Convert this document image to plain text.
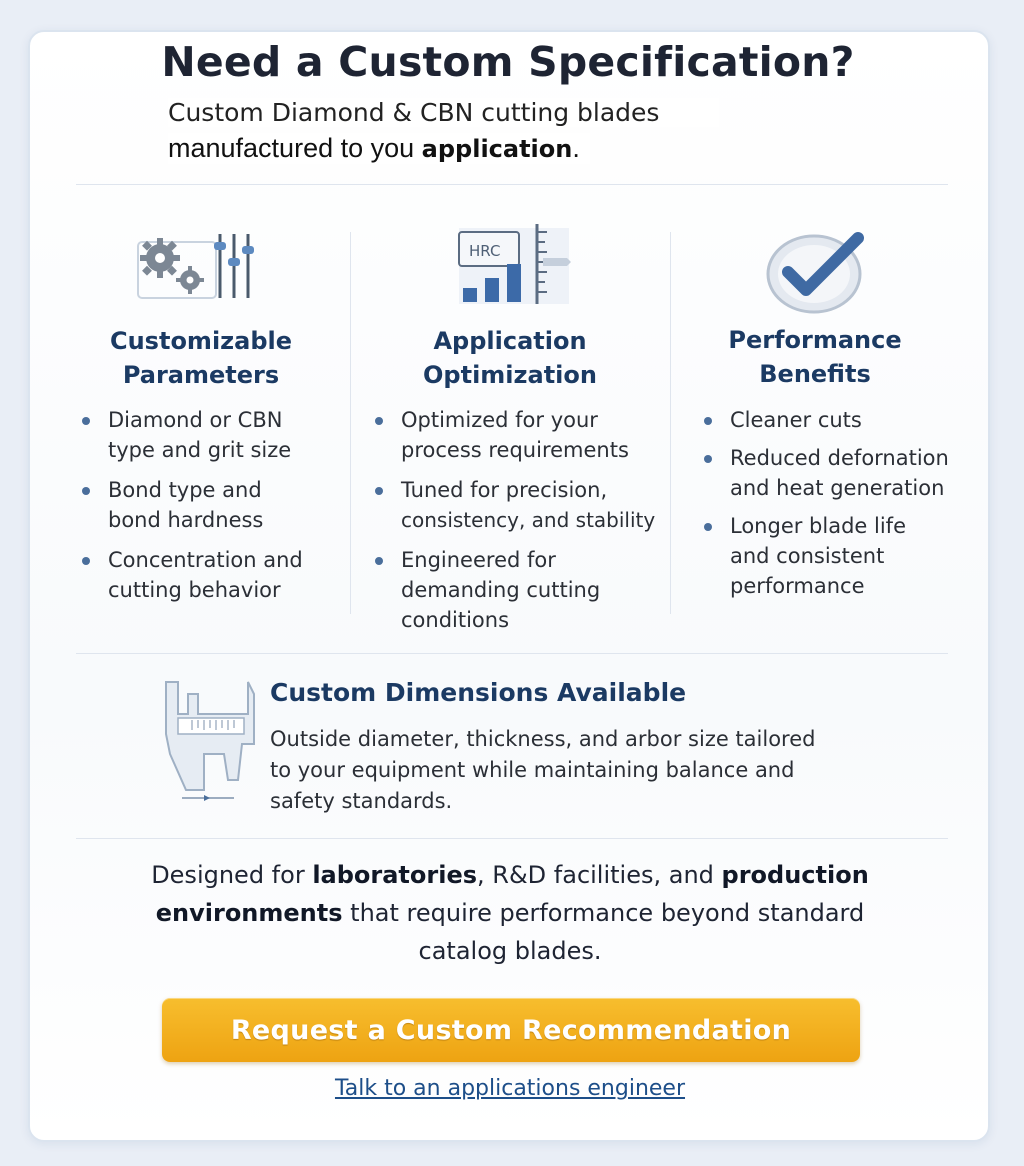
Need a Custom Specification?
Custom Diamond & CBN cutting blades
manufactured to you application.
Customizable
Parameters
Diamond or CBN
type and grit size
Bond type and
bond hardness
Concentration and
cutting behavior
HRC
Application
Optimization
Optimized for your
process requirements
Tuned for precision,
consistency, and stability
Engineered for
demanding cutting
conditions
Performance
Benefits
Cleaner cuts
Reduced defornation
and heat generation
Longer blade life
and consistent
performance
Custom Dimensions Available
Outside diameter, thickness, and arbor size tailored
to your equipment while maintaining balance and
safety standards.
Designed for laboratories, R&D facilities, and production
environments that require performance beyond standard
catalog blades.
Request a Custom Recommendation
Talk to an applications engineer
